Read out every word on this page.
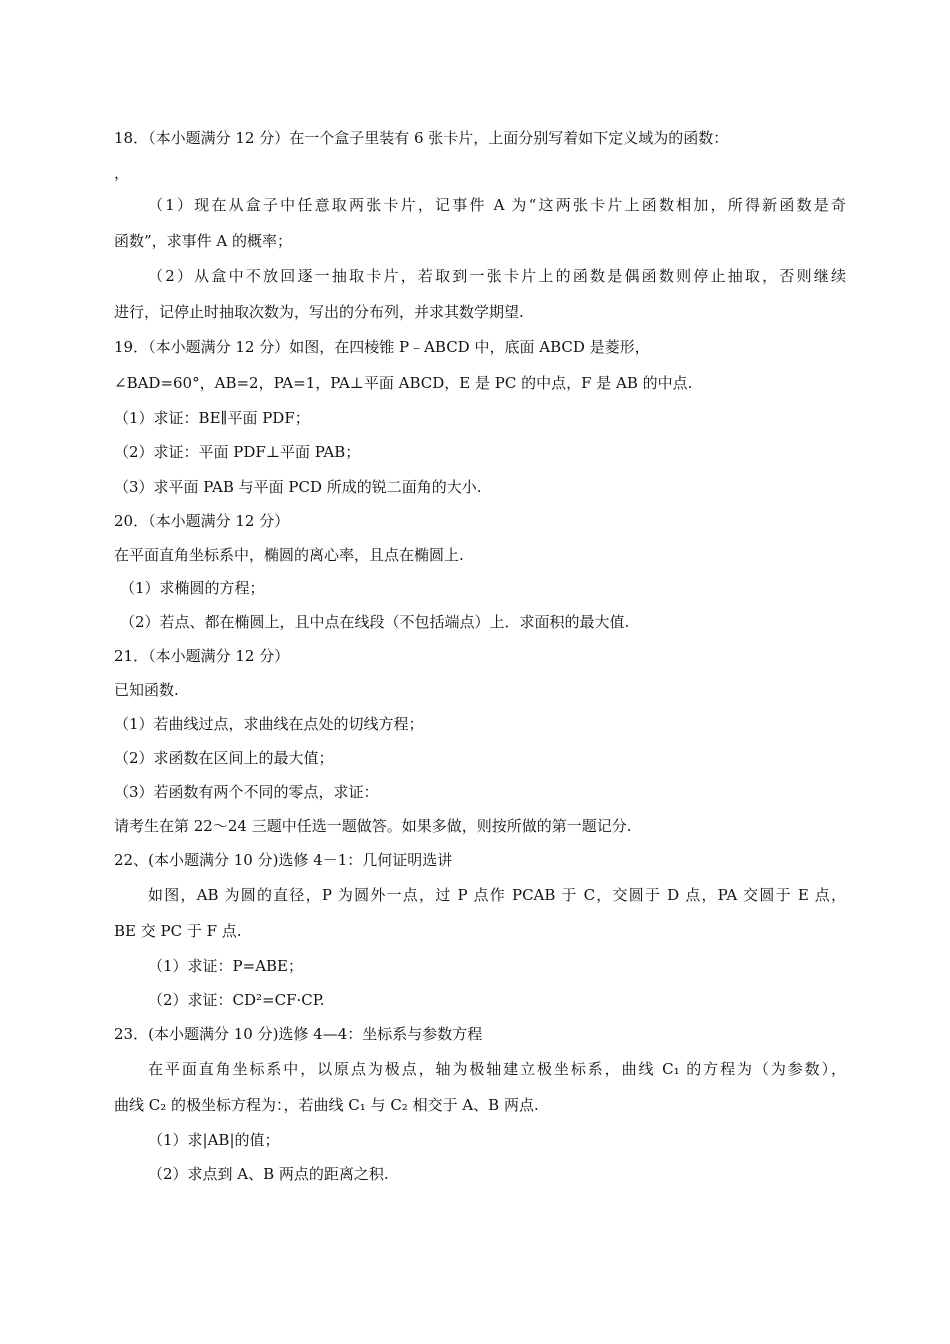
18．（本小题满分 12 分）在一个盒子里装有 6 张卡片，上面分别写着如下定义域为的函数：
，
（1）现在从盒子中任意取两张卡片，记事件 A 为“这两张卡片上函数相加，所得新函数是奇
函数”，求事件 A 的概率；
（2）从盒中不放回逐一抽取卡片，若取到一张卡片上的函数是偶函数则停止抽取，否则继续
进行，记停止时抽取次数为，写出的分布列，并求其数学期望.
19．（本小题满分 12 分）如图，在四棱锥 P﹣ABCD 中，底面 ABCD 是菱形，
∠BAD=60°，AB=2，PA=1，PA⊥平面 ABCD，E 是 PC 的中点，F 是 AB 的中点.
（1）求证：BE∥平面 PDF；
（2）求证：平面 PDF⊥平面 PAB；
（3）求平面 PAB 与平面 PCD 所成的锐二面角的大小.
20．（本小题满分 12 分）
在平面直角坐标系中，椭圆的离心率，且点在椭圆上.
（1）求椭圆的方程；
（2）若点、都在椭圆上，且中点在线段（不包括端点）上．求面积的最大值.
21．（本小题满分 12 分）
已知函数.
（1）若曲线过点，求曲线在点处的切线方程；
（2）求函数在区间上的最大值；
（3）若函数有两个不同的零点，求证：
请考生在第 22～24 三题中任选一题做答。如果多做，则按所做的第一题记分.
22、(本小题满分 10 分)选修 4－1：几何证明选讲
如图，AB 为圆的直径，P 为圆外一点，过 P 点作 PCAB 于 C，交圆于 D 点，PA 交圆于 E 点，
BE 交 PC 于 F 点.
（1）求证：P=ABE；
（2）求证：CD²=CF·CP.
23．(本小题满分 10 分)选修 4—4：坐标系与参数方程
在平面直角坐标系中，以原点为极点，轴为极轴建立极坐标系，曲线 C₁ 的方程为（为参数），
曲线 C₂ 的极坐标方程为：，若曲线 C₁ 与 C₂ 相交于 A、B 两点.
（1）求|AB|的值；
（2）求点到 A、B 两点的距离之积.
